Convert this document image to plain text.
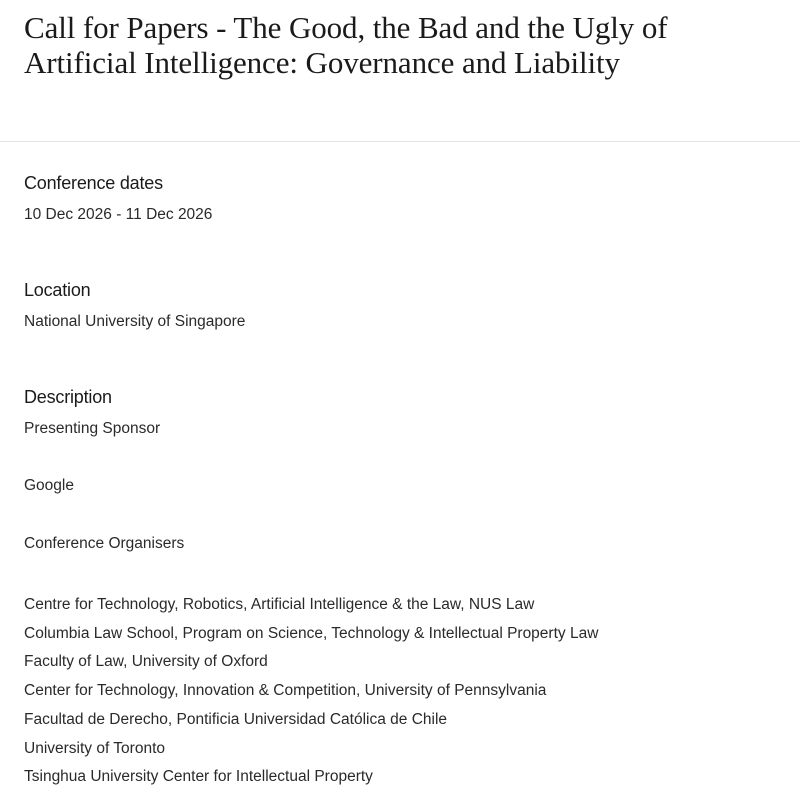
Call for Papers - The Good, the Bad and the Ugly of Artificial Intelligence: Governance and Liability
Conference dates

10 Dec 2026 - 11 Dec 2026

Location

National University of Singapore

Description

Presenting Sponsor

Google

Conference Organisers

Centre for Technology, Robotics, Artificial Intelligence & the Law, NUS Law
Columbia Law School, Program on Science, Technology & Intellectual Property Law
Faculty of Law, University of Oxford
Center for Technology, Innovation & Competition, University of Pennsylvania
Facultad de Derecho, Pontificia Universidad Católica de Chile
University of Toronto
Tsinghua University Center for Intellectual Property
